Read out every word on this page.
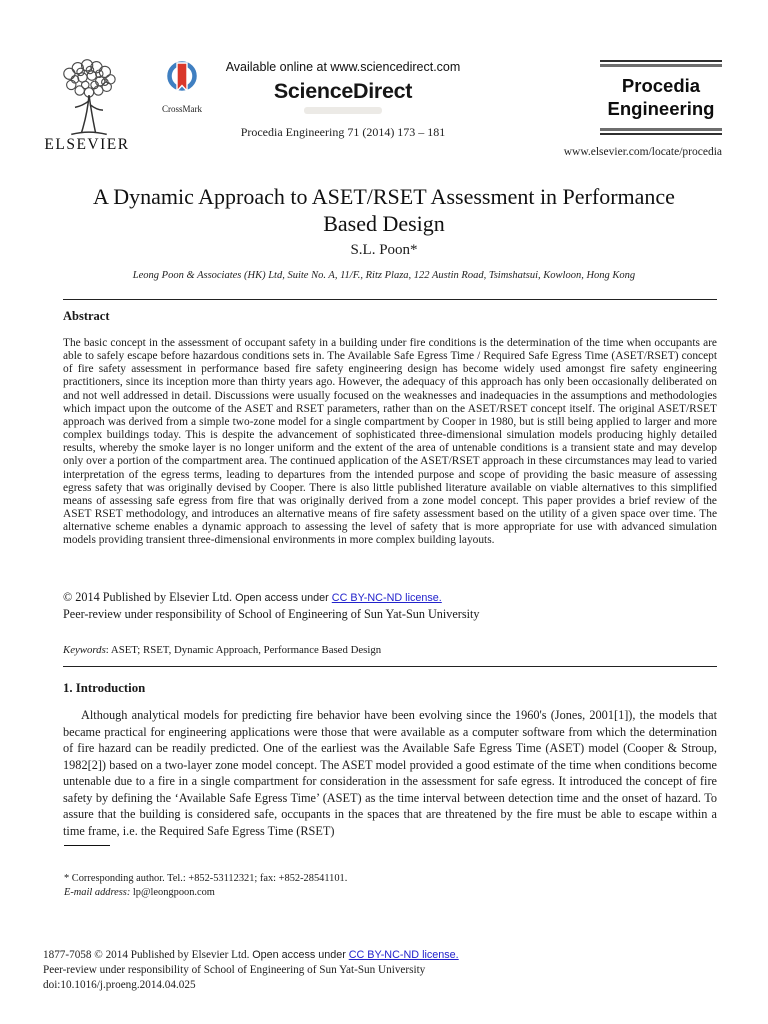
ELSEVIER
CrossMark
Available online at www.sciencedirect.com
ScienceDirect
Procedia Engineering 71 (2014) 173 – 181
Procedia
Engineering
www.elsevier.com/locate/procedia
A Dynamic Approach to ASET/RSET Assessment in Performance
Based Design
S.L. Poon*
Leong Poon & Associates (HK) Ltd, Suite No. A, 11/F., Ritz Plaza, 122 Austin Road, Tsimshatsui, Kowloon, Hong Kong
Abstract
The basic concept in the assessment of occupant safety in a building under fire conditions is the determination of the time when occupants are able to safely escape before hazardous conditions sets in. The Available Safe Egress Time / Required Safe Egress Time (ASET/RSET) concept of fire safety assessment in performance based fire safety engineering design has become widely used amongst fire safety engineering practitioners, since its inception more than thirty years ago. However, the adequacy of this approach has only been occasionally deliberated on and not well addressed in detail. Discussions were usually focused on the weaknesses and inadequacies in the assumptions and methodologies which impact upon the outcome of the ASET and RSET parameters, rather than on the ASET/RSET concept itself. The original ASET/RSET approach was derived from a simple two-zone model for a single compartment by Cooper in 1980, but is still being applied to larger and more complex buildings today. This is despite the advancement of sophisticated three-dimensional simulation models producing highly detailed results, whereby the smoke layer is no longer uniform and the extent of the area of untenable conditions is a transient state and may develop only over a portion of the compartment area. The continued application of the ASET/RSET approach in these circumstances may lead to varied interpretation of the egress terms, leading to departures from the intended purpose and scope of providing the basic measure of assessing egress safety that was originally devised by Cooper. There is also little published literature available on viable alternatives to this simplified means of assessing safe egress from fire that was originally derived from a zone model concept. This paper provides a brief review of the ASET RSET methodology, and introduces an alternative means of fire safety assessment based on the utility of a given space over time. The alternative scheme enables a dynamic approach to assessing the level of safety that is more appropriate for use with advanced simulation models providing transient three-dimensional environments in more complex building layouts.
© 2014 Published by Elsevier Ltd. Open access under CC BY-NC-ND license.
Peer-review under responsibility of School of Engineering of Sun Yat-Sun University
Keywords: ASET; RSET, Dynamic Approach, Performance Based Design
1. Introduction
Although analytical models for predicting fire behavior have been evolving since the 1960's (Jones, 2001[1]), the models that became practical for engineering applications were those that were available as a computer software from which the determination of fire hazard can be readily predicted. One of the earliest was the Available Safe Egress Time (ASET) model (Cooper & Stroup, 1982[2]) based on a two-layer zone model concept. The ASET model provided a good estimate of the time when conditions become untenable due to a fire in a single compartment for consideration in the assessment for safe egress. It introduced the concept of fire safety by defining the ‘Available Safe Egress Time’ (ASET) as the time interval between detection time and the onset of hazard. To assure that the building is considered safe, occupants in the spaces that are threatened by the fire must be able to escape within a time frame, i.e. the Required Safe Egress Time (RSET)
* Corresponding author. Tel.: +852-53112321; fax: +852-28541101.
E-mail address: lp@leongpoon.com
1877-7058 © 2014 Published by Elsevier Ltd. Open access under CC BY-NC-ND license.
Peer-review under responsibility of School of Engineering of Sun Yat-Sun University
doi:10.1016/j.proeng.2014.04.025
